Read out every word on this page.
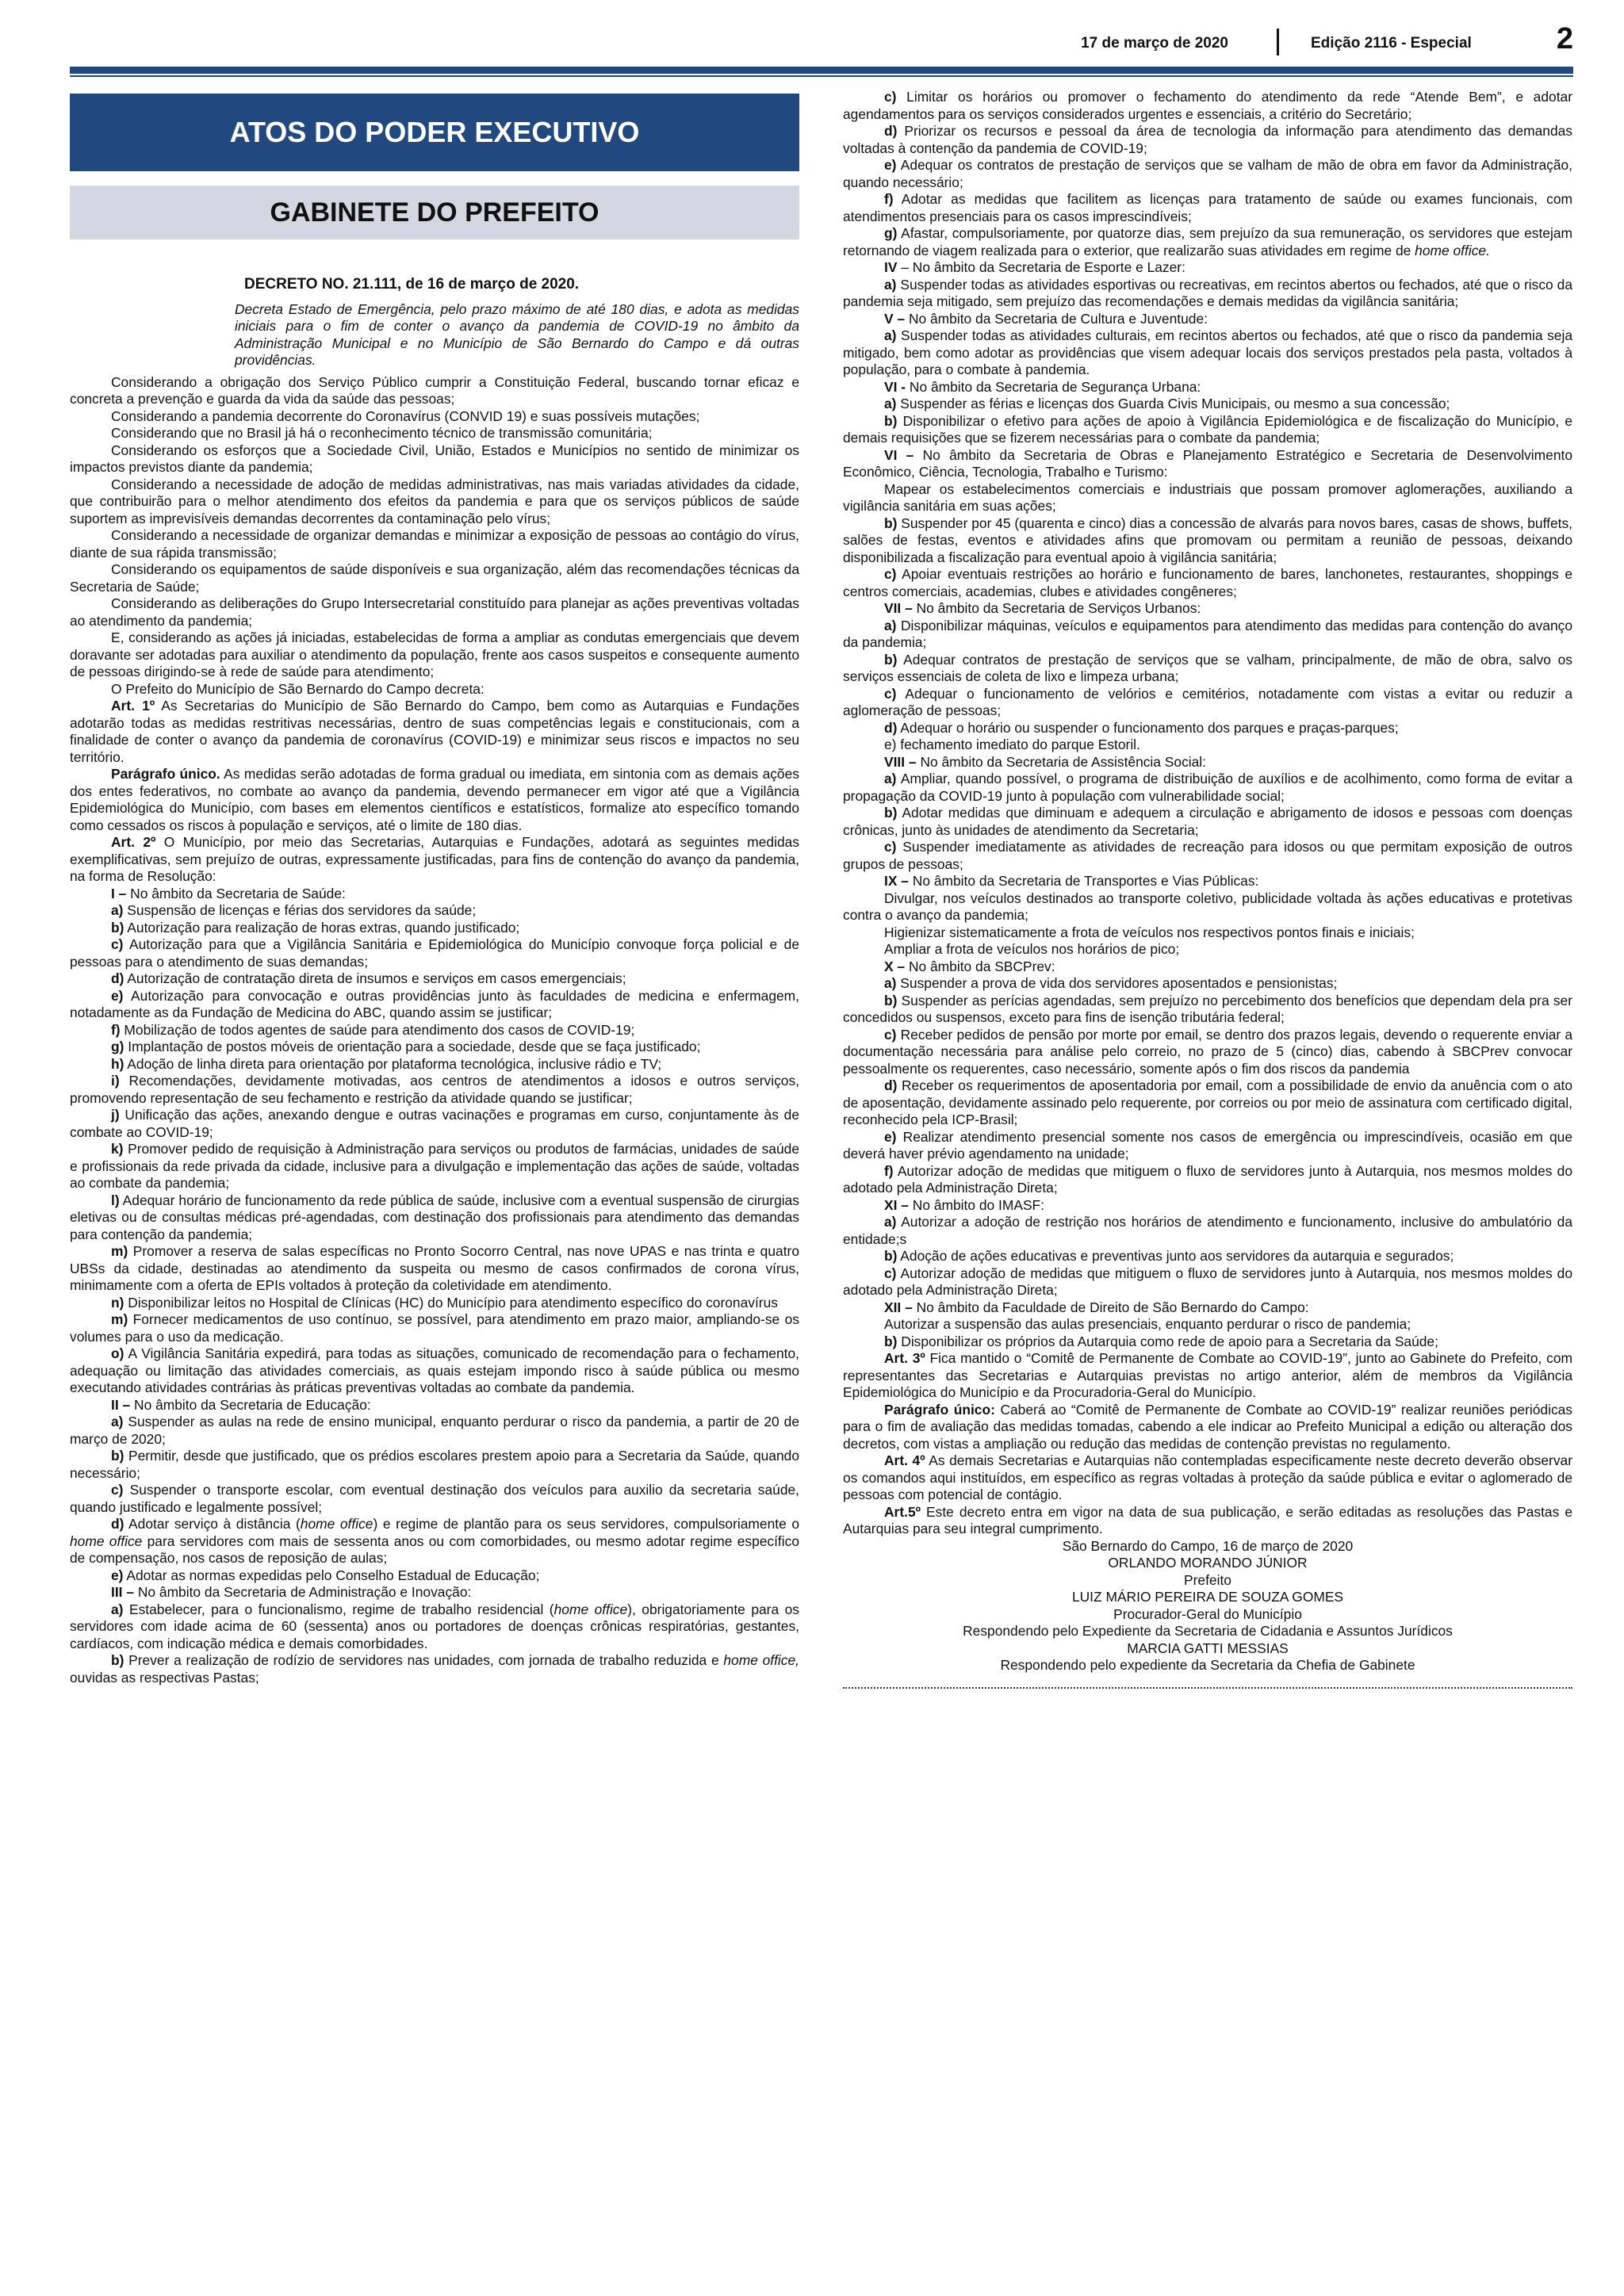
17 de março de 2020	Edição 2116 - Especial	2
ATOS DO PODER EXECUTIVO
GABINETE DO PREFEITO
DECRETO NO. 21.111, de 16 de março de 2020.
Decreta Estado de Emergência, pelo prazo máximo de até 180 dias, e adota as medidas iniciais para o fim de conter o avanço da pandemia de COVID-19 no âmbito da Administração Municipal e no Município de São Bernardo do Campo e dá outras providências.
Considerando a obrigação dos Serviço Público cumprir a Constituição Federal, buscando tornar eficaz e concreta a prevenção e guarda da vida da saúde das pessoas;
Considerando a pandemia decorrente do Coronavírus (CONVID 19) e suas possíveis mutações;
Considerando que no Brasil já há o reconhecimento técnico de transmissão comunitária;
Considerando os esforços que a Sociedade Civil, União, Estados e Municípios no sentido de minimizar os impactos previstos diante da pandemia;
Considerando a necessidade de adoção de medidas administrativas, nas mais variadas atividades da cidade, que contribuirão para o melhor atendimento dos efeitos da pandemia e para que os serviços públicos de saúde suportem as imprevisíveis demandas decorrentes da contaminação pelo vírus;
Considerando a necessidade de organizar demandas e minimizar a exposição de pessoas ao contágio do vírus, diante de sua rápida transmissão;
Considerando os equipamentos de saúde disponíveis e sua organização, além das recomendações técnicas da Secretaria de Saúde;
Considerando as deliberações do Grupo Intersecretarial constituído para planejar as ações preventivas voltadas ao atendimento da pandemia;
E, considerando as ações já iniciadas, estabelecidas de forma a ampliar as condutas emergenciais que devem doravante ser adotadas para auxiliar o atendimento da população, frente aos casos suspeitos e consequente aumento de pessoas dirigindo-se à rede de saúde para atendimento;
O Prefeito do Município de São Bernardo do Campo decreta:
Art. 1º As Secretarias do Município de São Bernardo do Campo, bem como as Autarquias e Fundações adotarão todas as medidas restritivas necessárias, dentro de suas competências legais e constitucionais, com a finalidade de conter o avanço da pandemia de coronavírus (COVID-19) e minimizar seus riscos e impactos no seu território.
Parágrafo único. As medidas serão adotadas de forma gradual ou imediata, em sintonia com as demais ações dos entes federativos, no combate ao avanço da pandemia, devendo permanecer em vigor até que a Vigilância Epidemiológica do Município, com bases em elementos científicos e estatísticos, formalize ato específico tomando como cessados os riscos à população e serviços, até o limite de 180 dias.
Art. 2º O Município, por meio das Secretarias, Autarquias e Fundações, adotará as seguintes medidas exemplificativas, sem prejuízo de outras, expressamente justificadas, para fins de contenção do avanço da pandemia, na forma de Resolução:
I – No âmbito da Secretaria de Saúde:
a) Suspensão de licenças e férias dos servidores da saúde;
b) Autorização para realização de horas extras, quando justificado;
c) Autorização para que a Vigilância Sanitária e Epidemiológica do Município convoque força policial e de pessoas para o atendimento de suas demandas;
d) Autorização de contratação direta de insumos e serviços em casos emergenciais;
e) Autorização para convocação e outras providências junto às faculdades de medicina e enfermagem, notadamente as da Fundação de Medicina do ABC, quando assim se justificar;
f) Mobilização de todos agentes de saúde para atendimento dos casos de COVID-19;
g) Implantação de postos móveis de orientação para a sociedade, desde que se faça justificado;
h) Adoção de linha direta para orientação por plataforma tecnológica, inclusive rádio e TV;
i) Recomendações, devidamente motivadas, aos centros de atendimentos a idosos e outros serviços, promovendo representação de seu fechamento e restrição da atividade quando se justificar;
j) Unificação das ações, anexando dengue e outras vacinações e programas em curso, conjuntamente às de combate ao COVID-19;
k) Promover pedido de requisição à Administração para serviços ou produtos de farmácias, unidades de saúde e profissionais da rede privada da cidade, inclusive para a divulgação e implementação das ações de saúde, voltadas ao combate da pandemia;
l) Adequar horário de funcionamento da rede pública de saúde, inclusive com a eventual suspensão de cirurgias eletivas ou de consultas médicas pré-agendadas, com destinação dos profissionais para atendimento das demandas para contenção da pandemia;
m) Promover a reserva de salas específicas no Pronto Socorro Central, nas nove UPAS e nas trinta e quatro UBSs da cidade, destinadas ao atendimento da suspeita ou mesmo de casos confirmados de corona vírus, minimamente com a oferta de EPIs voltados à proteção da coletividade em atendimento.
n) Disponibilizar leitos no Hospital de Clínicas (HC) do Município para atendimento específico do coronavírus
m) Fornecer medicamentos de uso contínuo, se possível, para atendimento em prazo maior, ampliando-se os volumes para o uso da medicação.
o) A Vigilância Sanitária expedirá, para todas as situações, comunicado de recomendação para o fechamento, adequação ou limitação das atividades comerciais, as quais estejam impondo risco à saúde pública ou mesmo executando atividades contrárias às práticas preventivas voltadas ao combate da pandemia.
II – No âmbito da Secretaria de Educação:
a) Suspender as aulas na rede de ensino municipal, enquanto perdurar o risco da pandemia, a partir de 20 de março de 2020;
b) Permitir, desde que justificado, que os prédios escolares prestem apoio para a Secretaria da Saúde, quando necessário;
c) Suspender o transporte escolar, com eventual destinação dos veículos para auxilio da secretaria saúde, quando justificado e legalmente possível;
d) Adotar serviço à distância (home office) e regime de plantão para os seus servidores, compulsoriamente o home office para servidores com mais de sessenta anos ou com comorbidades, ou mesmo adotar regime específico de compensação, nos casos de reposição de aulas;
e) Adotar as normas expedidas pelo Conselho Estadual de Educação;
III – No âmbito da Secretaria de Administração e Inovação:
a) Estabelecer, para o funcionalismo, regime de trabalho residencial (home office), obrigatoriamente para os servidores com idade acima de 60 (sessenta) anos ou portadores de doenças crônicas respiratórias, gestantes, cardíacos, com indicação médica e demais comorbidades.
b) Prever a realização de rodízio de servidores nas unidades, com jornada de trabalho reduzida e home office, ouvidas as respectivas Pastas;
c) Limitar os horários ou promover o fechamento do atendimento da rede “Atende Bem”, e adotar agendamentos para os serviços considerados urgentes e essenciais, a critério do Secretário;
d) Priorizar os recursos e pessoal da área de tecnologia da informação para atendimento das demandas voltadas à contenção da pandemia de COVID-19;
e) Adequar os contratos de prestação de serviços que se valham de mão de obra em favor da Administração, quando necessário;
f) Adotar as medidas que facilitem as licenças para tratamento de saúde ou exames funcionais, com atendimentos presenciais para os casos imprescindíveis;
g) Afastar, compulsoriamente, por quatorze dias, sem prejuízo da sua remuneração, os servidores que estejam retornando de viagem realizada para o exterior, que realizarão suas atividades em regime de home office.
IV – No âmbito da Secretaria de Esporte e Lazer:
a) Suspender todas as atividades esportivas ou recreativas, em recintos abertos ou fechados, até que o risco da pandemia seja mitigado, sem prejuízo das recomendações e demais medidas da vigilância sanitária;
V – No âmbito da Secretaria de Cultura e Juventude:
a) Suspender todas as atividades culturais, em recintos abertos ou fechados, até que o risco da pandemia seja mitigado, bem como adotar as providências que visem adequar locais dos serviços prestados pela pasta, voltados à população, para o combate à pandemia.
VI - No âmbito da Secretaria de Segurança Urbana:
a) Suspender as férias e licenças dos Guarda Civis Municipais, ou mesmo a sua concessão;
b) Disponibilizar o efetivo para ações de apoio à Vigilância Epidemiológica e de fiscalização do Município, e demais requisições que se fizerem necessárias para o combate da pandemia;
VI – No âmbito da Secretaria de Obras e Planejamento Estratégico e Secretaria de Desenvolvimento Econômico, Ciência, Tecnologia, Trabalho e Turismo:
Mapear os estabelecimentos comerciais e industriais que possam promover aglomerações, auxiliando a vigilância sanitária em suas ações;
b) Suspender por 45 (quarenta e cinco) dias a concessão de alvarás para novos bares, casas de shows, buffets, salões de festas, eventos e atividades afins que promovam ou permitam a reunião de pessoas, deixando disponibilizada a fiscalização para eventual apoio à vigilância sanitária;
c) Apoiar eventuais restrições ao horário e funcionamento de bares, lanchonetes, restaurantes, shoppings e centros comerciais, academias, clubes e atividades congêneres;
VII – No âmbito da Secretaria de Serviços Urbanos:
a) Disponibilizar máquinas, veículos e equipamentos para atendimento das medidas para contenção do avanço da pandemia;
b) Adequar contratos de prestação de serviços que se valham, principalmente, de mão de obra, salvo os serviços essenciais de coleta de lixo e limpeza urbana;
c) Adequar o funcionamento de velórios e cemitérios, notadamente com vistas a evitar ou reduzir a aglomeração de pessoas;
d) Adequar o horário ou suspender o funcionamento dos parques e praças-parques;
e) fechamento imediato do parque Estoril.
VIII – No âmbito da Secretaria de Assistência Social:
a) Ampliar, quando possível, o programa de distribuição de auxílios e de acolhimento, como forma de evitar a propagação da COVID-19 junto à população com vulnerabilidade social;
b) Adotar medidas que diminuam e adequem a circulação e abrigamento de idosos e pessoas com doenças crônicas, junto às unidades de atendimento da Secretaria;
c) Suspender imediatamente as atividades de recreação para idosos ou que permitam exposição de outros grupos de pessoas;
IX – No âmbito da Secretaria de Transportes e Vias Públicas:
Divulgar, nos veículos destinados ao transporte coletivo, publicidade voltada às ações educativas e protetivas contra o avanço da pandemia;
Higienizar sistematicamente a frota de veículos nos respectivos pontos finais e iniciais;
Ampliar a frota de veículos nos horários de pico;
X – No âmbito da SBCPrev:
a) Suspender a prova de vida dos servidores aposentados e pensionistas;
b) Suspender as perícias agendadas, sem prejuízo no percebimento dos benefícios que dependam dela pra ser concedidos ou suspensos, exceto para fins de isenção tributária federal;
c) Receber pedidos de pensão por morte por email, se dentro dos prazos legais, devendo o requerente enviar a documentação necessária para análise pelo correio, no prazo de 5 (cinco) dias, cabendo à SBCPrev convocar pessoalmente os requerentes, caso necessário, somente após o fim dos riscos da pandemia
d) Receber os requerimentos de aposentadoria por email, com a possibilidade de envio da anuência com o ato de aposentação, devidamente assinado pelo requerente, por correios ou por meio de assinatura com certificado digital, reconhecido pela ICP-Brasil;
e) Realizar atendimento presencial somente nos casos de emergência ou imprescindíveis, ocasião em que deverá haver prévio agendamento na unidade;
f) Autorizar adoção de medidas que mitiguem o fluxo de servidores junto à Autarquia, nos mesmos moldes do adotado pela Administração Direta;
XI – No âmbito do IMASF:
a) Autorizar a adoção de restrição nos horários de atendimento e funcionamento, inclusive do ambulatório da entidade;s
b) Adoção de ações educativas e preventivas junto aos servidores da autarquia e segurados;
c) Autorizar adoção de medidas que mitiguem o fluxo de servidores junto à Autarquia, nos mesmos moldes do adotado pela Administração Direta;
XII – No âmbito da Faculdade de Direito de São Bernardo do Campo:
Autorizar a suspensão das aulas presenciais, enquanto perdurar o risco de pandemia;
b) Disponibilizar os próprios da Autarquia como rede de apoio para a Secretaria da Saúde;
Art. 3º Fica mantido o “Comitê de Permanente de Combate ao COVID-19”, junto ao Gabinete do Prefeito, com representantes das Secretarias e Autarquias previstas no artigo anterior, além de membros da Vigilância Epidemiológica do Município e da Procuradoria-Geral do Município.
Parágrafo único: Caberá ao “Comitê de Permanente de Combate ao COVID-19” realizar reuniões periódicas para o fim de avaliação das medidas tomadas, cabendo a ele indicar ao Prefeito Municipal a edição ou alteração dos decretos, com vistas a ampliação ou redução das medidas de contenção previstas no regulamento.
Art. 4º As demais Secretarias e Autarquias não contempladas especificamente neste decreto deverão observar os comandos aqui instituídos, em específico as regras voltadas à proteção da saúde pública e evitar o aglomerado de pessoas com potencial de contágio.
Art.5º Este decreto entra em vigor na data de sua publicação, e serão editadas as resoluções das Pastas e Autarquias para seu integral cumprimento.
São Bernardo do Campo, 16 de março de 2020
ORLANDO MORANDO JÚNIOR
Prefeito
LUIZ MÁRIO PEREIRA DE SOUZA GOMES
Procurador-Geral do Município
Respondendo pelo Expediente da Secretaria de Cidadania e Assuntos Jurídicos
MARCIA GATTI MESSIAS
Respondendo pelo expediente da Secretaria da Chefia de Gabinete
